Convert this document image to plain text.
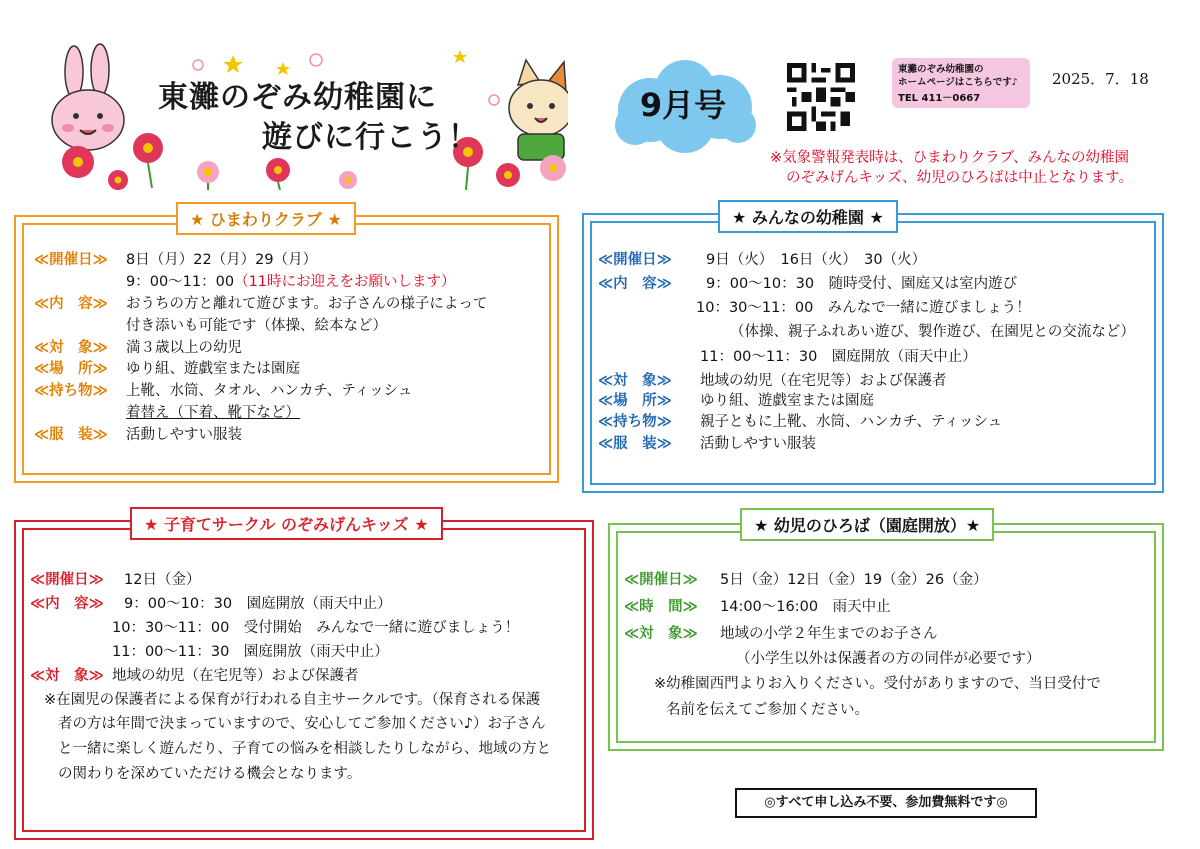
東灘のぞみ幼稚園に
遊びに行こう！
9月号
東灘のぞみ幼稚園の
ホームページはこちらです♪
TEL 411－0667
2025．7．18
※気象警報発表時は、ひまわりクラブ、みんなの幼稚園
のぞみげんキッズ、幼児のひろばは中止となります。
★ ひまわりクラブ ★
≪開催日≫ 8日（月）22（月）29（月）
9：00～11：00（11時にお迎えをお願いします）
≪内　容≫ おうちの方と離れて遊びます。お子さんの様子によって
付き添いも可能です（体操、絵本など）
≪対　象≫ 満３歳以上の幼児
≪場　所≫ ゆり組、遊戯室または園庭
≪持ち物≫ 上靴、水筒、タオル、ハンカチ、ティッシュ
着替え（下着、靴下など）
≪服　装≫ 活動しやすい服装
★ みんなの幼稚園 ★
≪開催日≫ 9日（火）　16日（火）　30（火）
≪内　容≫ 9：00～10：30　随時受付、園庭又は室内遊び
10：30～11：00　みんなで一緒に遊びましょう！
（体操、親子ふれあい遊び、製作遊び、在園児との交流など）
11：00～11：30　園庭開放（雨天中止）
≪対　象≫ 地域の幼児（在宅児等）および保護者
≪場　所≫ ゆり組、遊戯室または園庭
≪持ち物≫ 親子ともに上靴、水筒、ハンカチ、ティッシュ
≪服　装≫ 活動しやすい服装
★ 子育てサークル のぞみげんキッズ ★
≪開催日≫ 12日（金）
≪内　容≫ 9：00～10：30　園庭開放（雨天中止）
10：30～11：00　受付開始　みんなで一緒に遊びましょう！
11：00～11：30　園庭開放（雨天中止）
≪対　象≫ 地域の幼児（在宅児等）および保護者
※在園児の保護者による保育が行われる自主サークルです。（保育される保護
者の方は年間で決まっていますので、安心してご参加ください♪）お子さん
と一緒に楽しく遊んだり、子育ての悩みを相談したりしながら、地域の方と
の関わりを深めていただける機会となります。
★ 幼児のひろば（園庭開放）★
≪開催日≫ 5日（金）12日（金）19（金）26（金）
≪時　間≫ 14:00～16:00　雨天中止
≪対　象≫ 地域の小学２年生までのお子さん
（小学生以外は保護者の方の同伴が必要です）
※幼稚園西門よりお入りください。受付がありますので、当日受付で
名前を伝えてご参加ください。
◎すべて申し込み不要、参加費無料です◎
